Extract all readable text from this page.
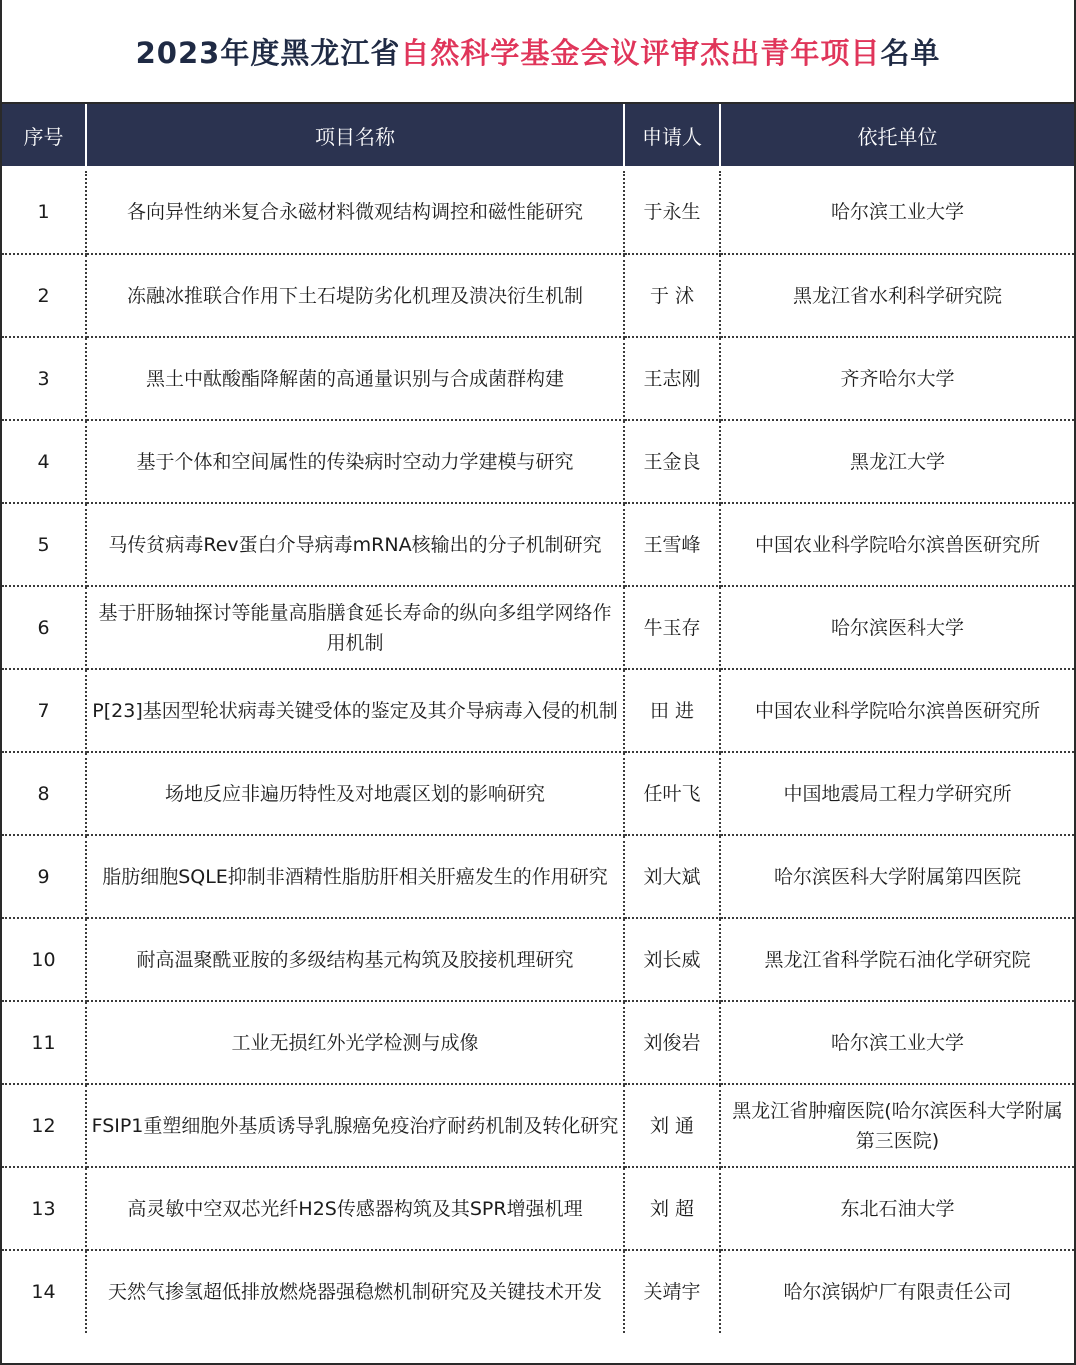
2023年度黑龙江省自然科学基金会议评审杰出青年项目名单
序号	项目名称	申请人	依托单位

1	各向异性纳米复合永磁材料微观结构调控和磁性能研究	于永生	哈尔滨工业大学
2	冻融冰推联合作用下土石堤防劣化机理及溃决衍生机制	于 沭	黑龙江省水利科学研究院
3	黑土中酞酸酯降解菌的高通量识别与合成菌群构建	王志刚	齐齐哈尔大学
4	基于个体和空间属性的传染病时空动力学建模与研究	王金良	黑龙江大学
5	马传贫病毒Rev蛋白介导病毒mRNA核输出的分子机制研究	王雪峰	中国农业科学院哈尔滨兽医研究所
6	基于肝肠轴探讨等能量高脂膳食延长寿命的纵向多组学网络作用机制	牛玉存	哈尔滨医科大学
7	P[23]基因型轮状病毒关键受体的鉴定及其介导病毒入侵的机制	田 进	中国农业科学院哈尔滨兽医研究所
8	场地反应非遍历特性及对地震区划的影响研究	任叶飞	中国地震局工程力学研究所
9	脂肪细胞SQLE抑制非酒精性脂肪肝相关肝癌发生的作用研究	刘大斌	哈尔滨医科大学附属第四医院
10	耐高温聚酰亚胺的多级结构基元构筑及胶接机理研究	刘长威	黑龙江省科学院石油化学研究院
11	工业无损红外光学检测与成像	刘俊岩	哈尔滨工业大学
12	FSIP1重塑细胞外基质诱导乳腺癌免疫治疗耐药机制及转化研究	刘 通	黑龙江省肿瘤医院(哈尔滨医科大学附属第三医院)
13	高灵敏中空双芯光纤H2S传感器构筑及其SPR增强机理	刘 超	东北石油大学
14	天然气掺氢超低排放燃烧器强稳燃机制研究及关键技术开发	关靖宇	哈尔滨锅炉厂有限责任公司
